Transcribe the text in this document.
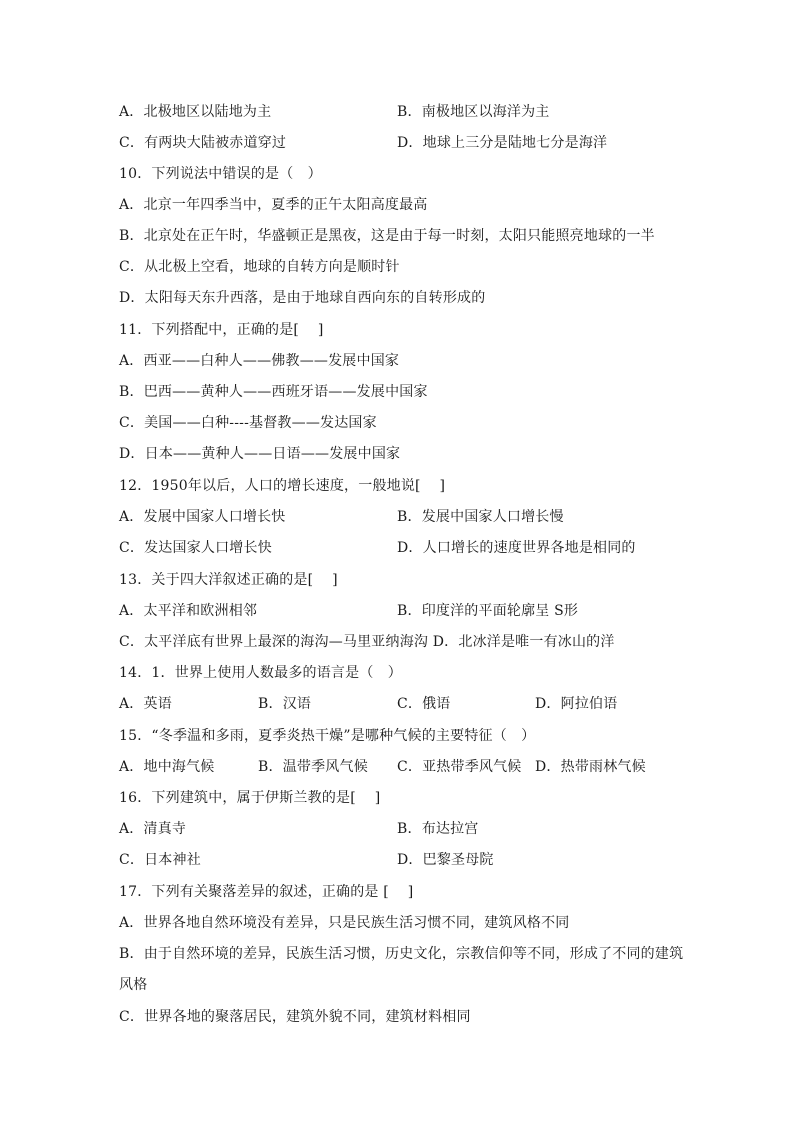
A．北极地区以陆地为主	B．南极地区以海洋为主
C．有两块大陆被赤道穿过	D．地球上三分是陆地七分是海洋
10．下列说法中错误的是（　）
A．北京一年四季当中，夏季的正午太阳高度最高
B．北京处在正午时，华盛顿正是黑夜，这是由于每一时刻，太阳只能照亮地球的一半
C．从北极上空看，地球的自转方向是顺时针
D．太阳每天东升西落，是由于地球自西向东的自转形成的
11．下列搭配中，正确的是[　 ]
A．西亚——白种人——佛教——发展中国家
B．巴西——黄种人——西班牙语——发展中国家
C．美国——白种----基督教——发达国家
D．日本——黄种人——日语——发展中国家
12．1950年以后，人口的增长速度，一般地说[　 ]
A．发展中国家人口增长快	B．发展中国家人口增长慢
C．发达国家人口增长快	D．人口增长的速度世界各地是相同的
13．关于四大洋叙述正确的是[　 ]
A．太平洋和欧洲相邻	B．印度洋的平面轮廓呈 S形
C．太平洋底有世界上最深的海沟—马里亚纳海沟 D．北冰洋是唯一有冰山的洋
14．1．世界上使用人数最多的语言是（　）
A．英语	B．汉语	C．俄语	D．阿拉伯语
15．“冬季温和多雨，夏季炎热干燥”是哪种气候的主要特征（　）
A．地中海气候	B．温带季风气候 C．亚热带季风气候 D．热带雨林气候
16．下列建筑中，属于伊斯兰教的是[　 ]
A．清真寺	B．布达拉宫
C．日本神社	D．巴黎圣母院
17．下列有关聚落差异的叙述，正确的是 [　 ]
A．世界各地自然环境没有差异，只是民族生活习惯不同，建筑风格不同
B．由于自然环境的差异，民族生活习惯，历史文化，宗教信仰等不同，形成了不同的建筑
风格
C．世界各地的聚落居民，建筑外貌不同，建筑材料相同
